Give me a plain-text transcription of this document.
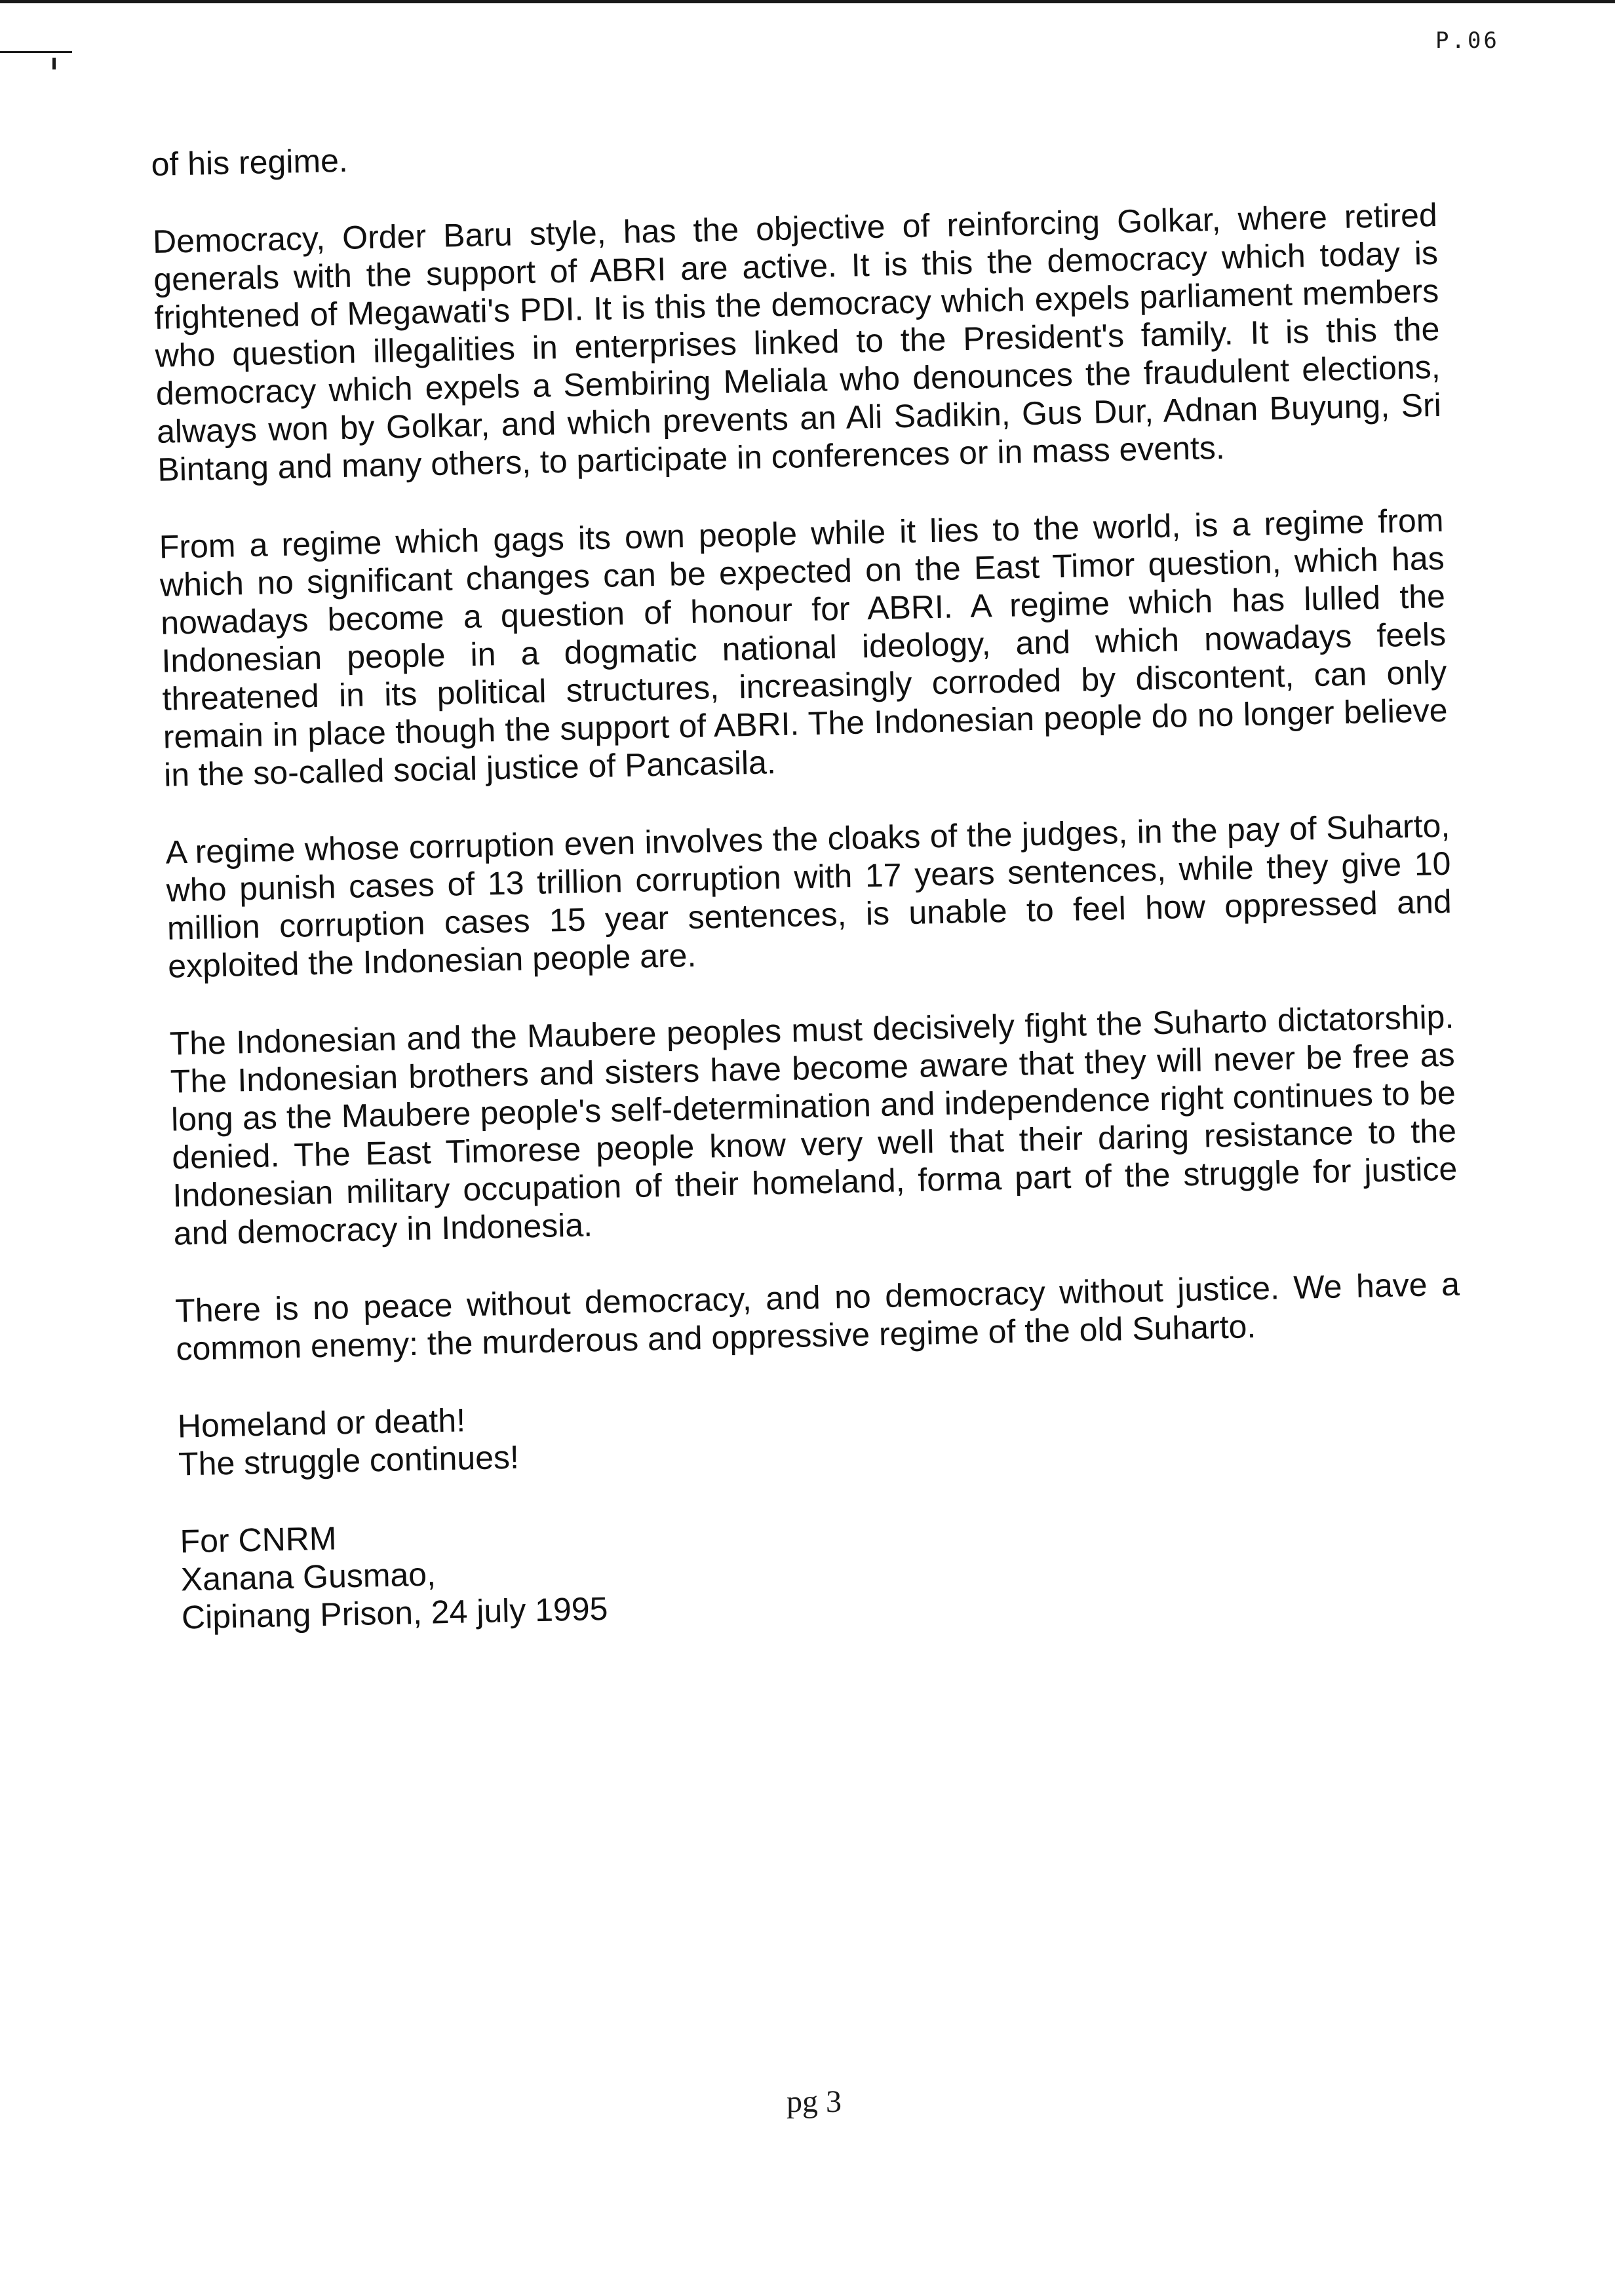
P.06

of his regime.

Democracy, Order Baru style, has the objective of reinforcing Golkar, where retired generals with the support of ABRI are active. It is this the democracy which today is frightened of Megawati's PDI. It is this the democracy which expels parliament members who question illegalities in enterprises linked to the President's family. It is this the democracy which expels a Sembiring Meliala who denounces the fraudulent elections, always won by Golkar, and which prevents an Ali Sadikin, Gus Dur, Adnan Buyung, Sri Bintang and many others, to participate in conferences or in mass events.

From a regime which gags its own people while it lies to the world, is a regime from which no significant changes can be expected on the East Timor question, which has nowadays become a question of honour for ABRI. A regime which has lulled the Indonesian people in a dogmatic national ideology, and which nowadays feels threatened in its political structures, increasingly corroded by discontent, can only remain in place though the support of ABRI. The Indonesian people do no longer believe in the so-called social justice of Pancasila.

A regime whose corruption even involves the cloaks of the judges, in the pay of Suharto, who punish cases of 13 trillion corruption with 17 years sentences, while they give 10 million corruption cases 15 year sentences, is unable to feel how oppressed and exploited the Indonesian people are.

The Indonesian and the Maubere peoples must decisively fight the Suharto dictatorship. The Indonesian brothers and sisters have become aware that they will never be free as long as the Maubere people's self-determination and independence right continues to be denied. The East Timorese people know very well that their daring resistance to the Indonesian military occupation of their homeland, forma part of the struggle for justice and democracy in Indonesia.

There is no peace without democracy, and no democracy without justice. We have a common enemy: the murderous and oppressive regime of the old Suharto.

Homeland or death!
The struggle continues!
For CNRM
Xanana Gusmao,
Cipinang Prison, 24 july 1995
pg 3
